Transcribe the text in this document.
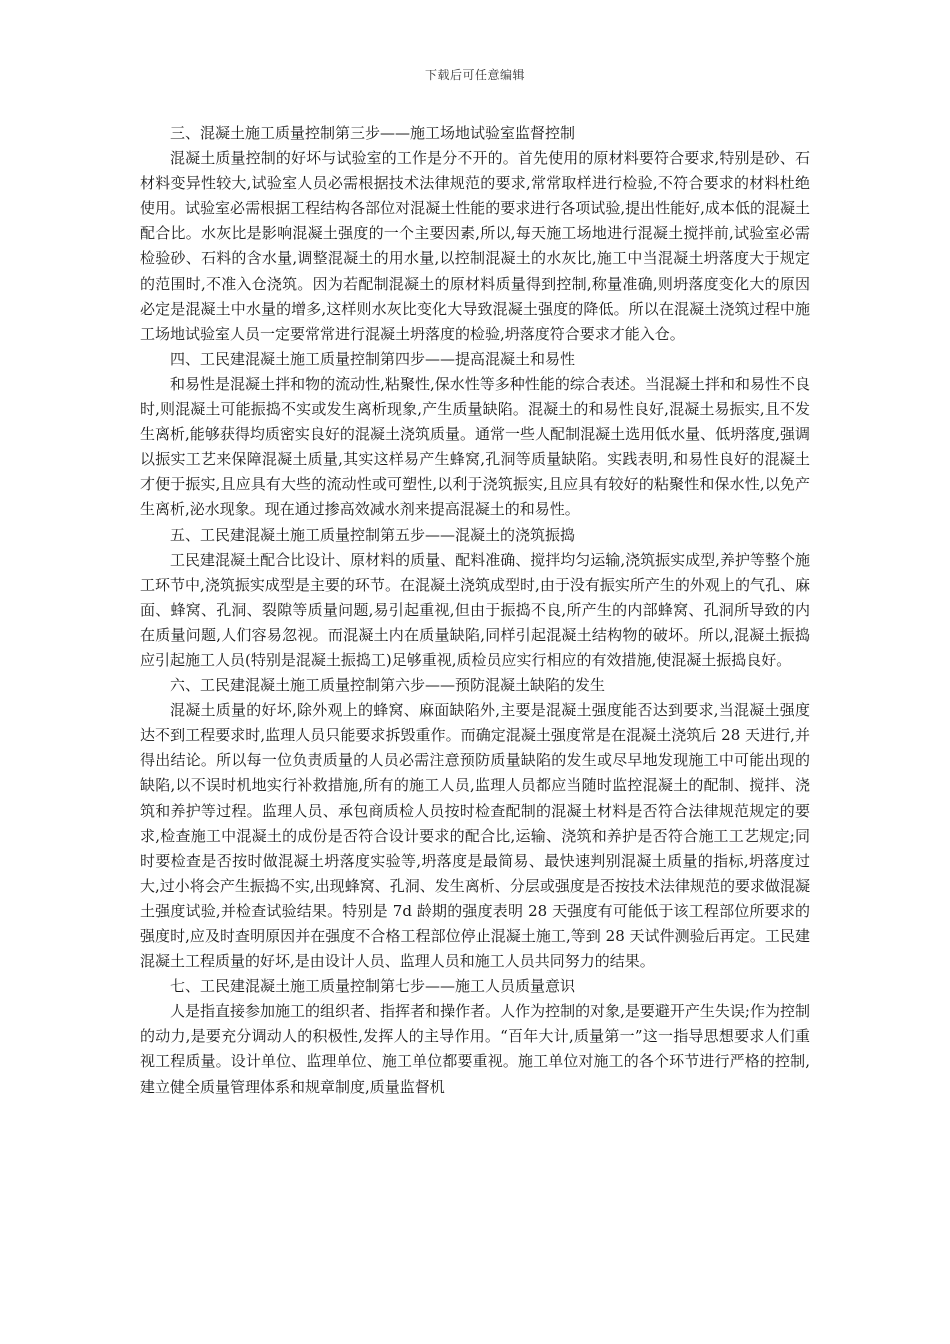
下载后可任意编辑

三、混凝土施工质量控制第三步——施工场地试验室监督控制

混凝土质量控制的好坏与试验室的工作是分不开的。首先使用的原材料要符合要求,特别是砂、石材料变异性较大,试验室人员必需根据技术法律规范的要求,常常取样进行检验,不符合要求的材料杜绝使用。试验室必需根据工程结构各部位对混凝土性能的要求进行各项试验,提出性能好,成本低的混凝土配合比。水灰比是影响混凝土强度的一个主要因素,所以,每天施工场地进行混凝土搅拌前,试验室必需检验砂、石料的含水量,调整混凝土的用水量,以控制混凝土的水灰比,施工中当混凝土坍落度大于规定的范围时,不准入仓浇筑。因为若配制混凝土的原材料质量得到控制,称量准确,则坍落度变化大的原因必定是混凝土中水量的增多,这样则水灰比变化大导致混凝土强度的降低。所以在混凝土浇筑过程中施工场地试验室人员一定要常常进行混凝土坍落度的检验,坍落度符合要求才能入仓。

四、工民建混凝土施工质量控制第四步——提高混凝土和易性

和易性是混凝土拌和物的流动性,粘聚性,保水性等多种性能的综合表述。当混凝土拌和和易性不良时,则混凝土可能振捣不实或发生离析现象,产生质量缺陷。混凝土的和易性良好,混凝土易振实,且不发生离析,能够获得均质密实良好的混凝土浇筑质量。通常一些人配制混凝土选用低水量、低坍落度,强调以振实工艺来保障混凝土质量,其实这样易产生蜂窝,孔洞等质量缺陷。实践表明,和易性良好的混凝土才便于振实,且应具有大些的流动性或可塑性,以利于浇筑振实,且应具有较好的粘聚性和保水性,以免产生离析,泌水现象。现在通过掺高效减水剂来提高混凝土的和易性。

五、工民建混凝土施工质量控制第五步——混凝土的浇筑振捣

工民建混凝土配合比设计、原材料的质量、配料准确、搅拌均匀运输,浇筑振实成型,养护等整个施工环节中,浇筑振实成型是主要的环节。在混凝土浇筑成型时,由于没有振实所产生的外观上的气孔、麻面、蜂窝、孔洞、裂隙等质量问题,易引起重视,但由于振捣不良,所产生的内部蜂窝、孔洞所导致的内在质量问题,人们容易忽视。而混凝土内在质量缺陷,同样引起混凝土结构物的破坏。所以,混凝土振捣应引起施工人员(特别是混凝土振捣工)足够重视,质检员应实行相应的有效措施,使混凝土振捣良好。

六、工民建混凝土施工质量控制第六步——预防混凝土缺陷的发生

混凝土质量的好坏,除外观上的蜂窝、麻面缺陷外,主要是混凝土强度能否达到要求,当混凝土强度达不到工程要求时,监理人员只能要求拆毁重作。而确定混凝土强度常是在混凝土浇筑后 28 天进行,并得出结论。所以每一位负责质量的人员必需注意预防质量缺陷的发生或尽早地发现施工中可能出现的缺陷,以不误时机地实行补救措施,所有的施工人员,监理人员都应当随时监控混凝土的配制、搅拌、浇筑和养护等过程。监理人员、承包商质检人员按时检查配制的混凝土材料是否符合法律规范规定的要求,检查施工中混凝土的成份是否符合设计要求的配合比,运输、浇筑和养护是否符合施工工艺规定;同时要检查是否按时做混凝土坍落度实验等,坍落度是最简易、最快速判别混凝土质量的指标,坍落度过大,过小将会产生振捣不实,出现蜂窝、孔洞、发生离析、分层或强度是否按技术法律规范的要求做混凝土强度试验,并检查试验结果。特别是 7d 龄期的强度表明 28 天强度有可能低于该工程部位所要求的强度时,应及时查明原因并在强度不合格工程部位停止混凝土施工,等到 28 天试件测验后再定。工民建混凝土工程质量的好坏,是由设计人员、监理人员和施工人员共同努力的结果。

七、工民建混凝土施工质量控制第七步——施工人员质量意识

人是指直接参加施工的组织者、指挥者和操作者。人作为控制的对象,是要避开产生失误;作为控制的动力,是要充分调动人的积极性,发挥人的主导作用。“百年大计,质量第一”这一指导思想要求人们重视工程质量。设计单位、监理单位、施工单位都要重视。施工单位对施工的各个环节进行严格的控制,建立健全质量管理体系和规章制度,质量监督机
